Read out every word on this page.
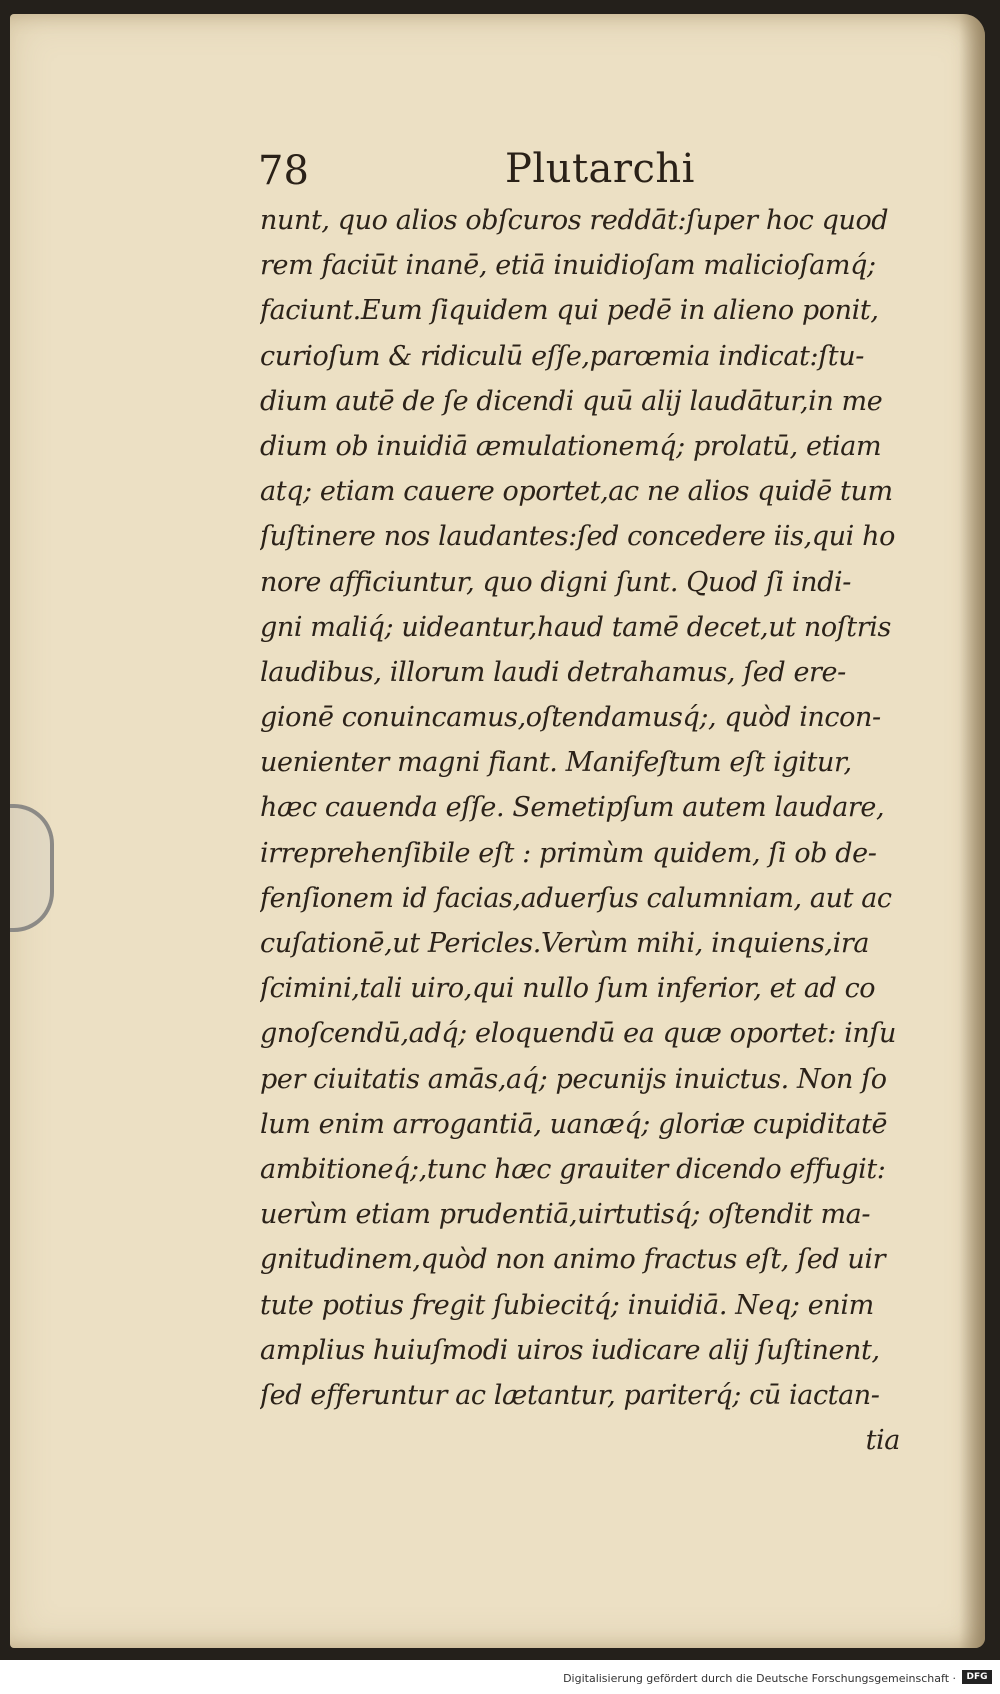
78	Plutarchi
nunt, quo alios obſcuros reddāt:ſuper hoc quod
rem faciūt inanē, etiā inuidioſam malicioſamq́;
faciunt.Eum ſiquidem qui pedē in alieno ponit,
curioſum & ridiculū eſſe,parœmia indicat:ſtu-
dium autē de ſe dicendi quū alij laudātur,in me
dium ob inuidiā æmulationemq́; prolatū, etiam
atq; etiam cauere oportet,ac ne alios quidē tum
ſuſtinere nos laudantes:ſed concedere iis,qui ho
nore afficiuntur, quo digni ſunt. Quod ſi indi-
gni maliq́; uideantur,haud tamē decet,ut noſtris
laudibus, illorum laudi detrahamus, ſed ere-
gionē conuincamus,oſtendamusq́;, quòd incon-
uenienter magni fiant. Manifeſtum eſt igitur,
hæc cauenda eſſe. Semetipſum autem laudare,
irreprehenſibile eſt : primùm quidem, ſi ob de-
fenſionem id facias,aduerſus calumniam, aut ac
cuſationē,ut Pericles.Verùm mihi, inquiens,ira
ſcimini,tali uiro,qui nullo ſum inferior, et ad co
gnoſcendū,adq́; eloquendū ea quæ oportet: inſu
per ciuitatis amās,aq́; pecunijs inuictus. Non ſo
lum enim arrogantiā, uanæq́; gloriæ cupiditatē
ambitioneq́;,tunc hæc grauiter dicendo effugit:
uerùm etiam prudentiā,uirtutisq́; oſtendit ma-
gnitudinem,quòd non animo fractus eſt, ſed uir
tute potius fregit ſubiecitq́; inuidiā. Neq; enim
amplius huiuſmodi uiros iudicare alij ſuſtinent,
ſed efferuntur ac lætantur, pariterq́; cū iactan-
tia
Digitalisierung gefördert durch die Deutsche Forschungsgemeinschaft ·	DFG
